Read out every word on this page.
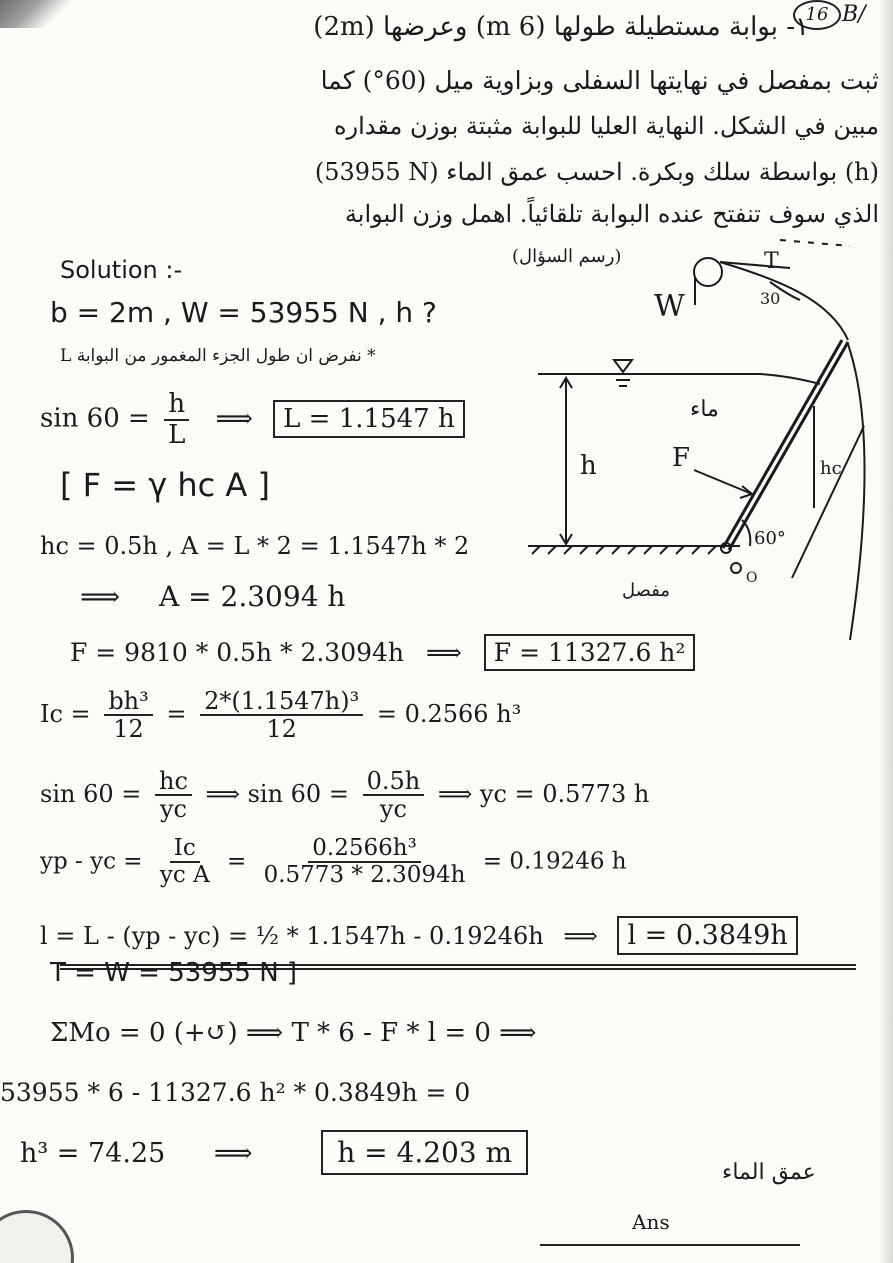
16 B/
۱- بوابة مستطيلة طولها (6 m) وعرضها (2m)
ثبت بمفصل في نهايتها السفلى وبزاوية ميل (60°) كما
مبين في الشكل. النهاية العليا للبوابة مثبتة بوزن مقداره
(53955 N) بواسطة سلك وبكرة. احسب عمق الماء (h)
الذي سوف تنفتح عنده البوابة تلقائياً. اهمل وزن البوابة
Solution :-	(رسم السؤال)
b = 2m , W = 53955 N , h ?
* نفرض ان طول الجزء المغمور من البوابة L
$\sin 60 = \frac{h}{L}$ ⟹ L = 1.1547 h
[ F = γ hc A ]
hc = 0.5h , A = L * 2 = 1.1547h * 2
⟹ A = 2.3094 h
F = 9810 * 0.5h * 2.3094h ⟹ F = 11327.6 h²
$Ic = \frac{\text{bh³}}{12} = \frac{\text{2*(1.1547h)³}}{12} = 0.2566$ h³
$\sin 60 = \frac{hc}{yc}$ ⟹ $\sin 60 = \frac{0.5h}{yc}$ ⟹ yc = 0.5773 h
yp - yc = $\frac{Ic}{\text{yc A}} = \frac{\text{0.2566h³}}{0.5773 * 2.3094h} = 0.19246$ h
l = L - (yp - yc) = ½ * 1.1547h - 0.19246h ⟹ l = 0.3849h
T = W = 53955 N ]
ΣMo = 0 (+↺) ⟹ T * 6 - F * l = 0 ⟹
53955 * 6 - 11327.6 h² * 0.3849h = 0
h³ = 74.25 ⟹	h = 4.203 m
عمق الماء
Ans
W
T
30
ماء
h	F
60°
hc
O
مفصل
